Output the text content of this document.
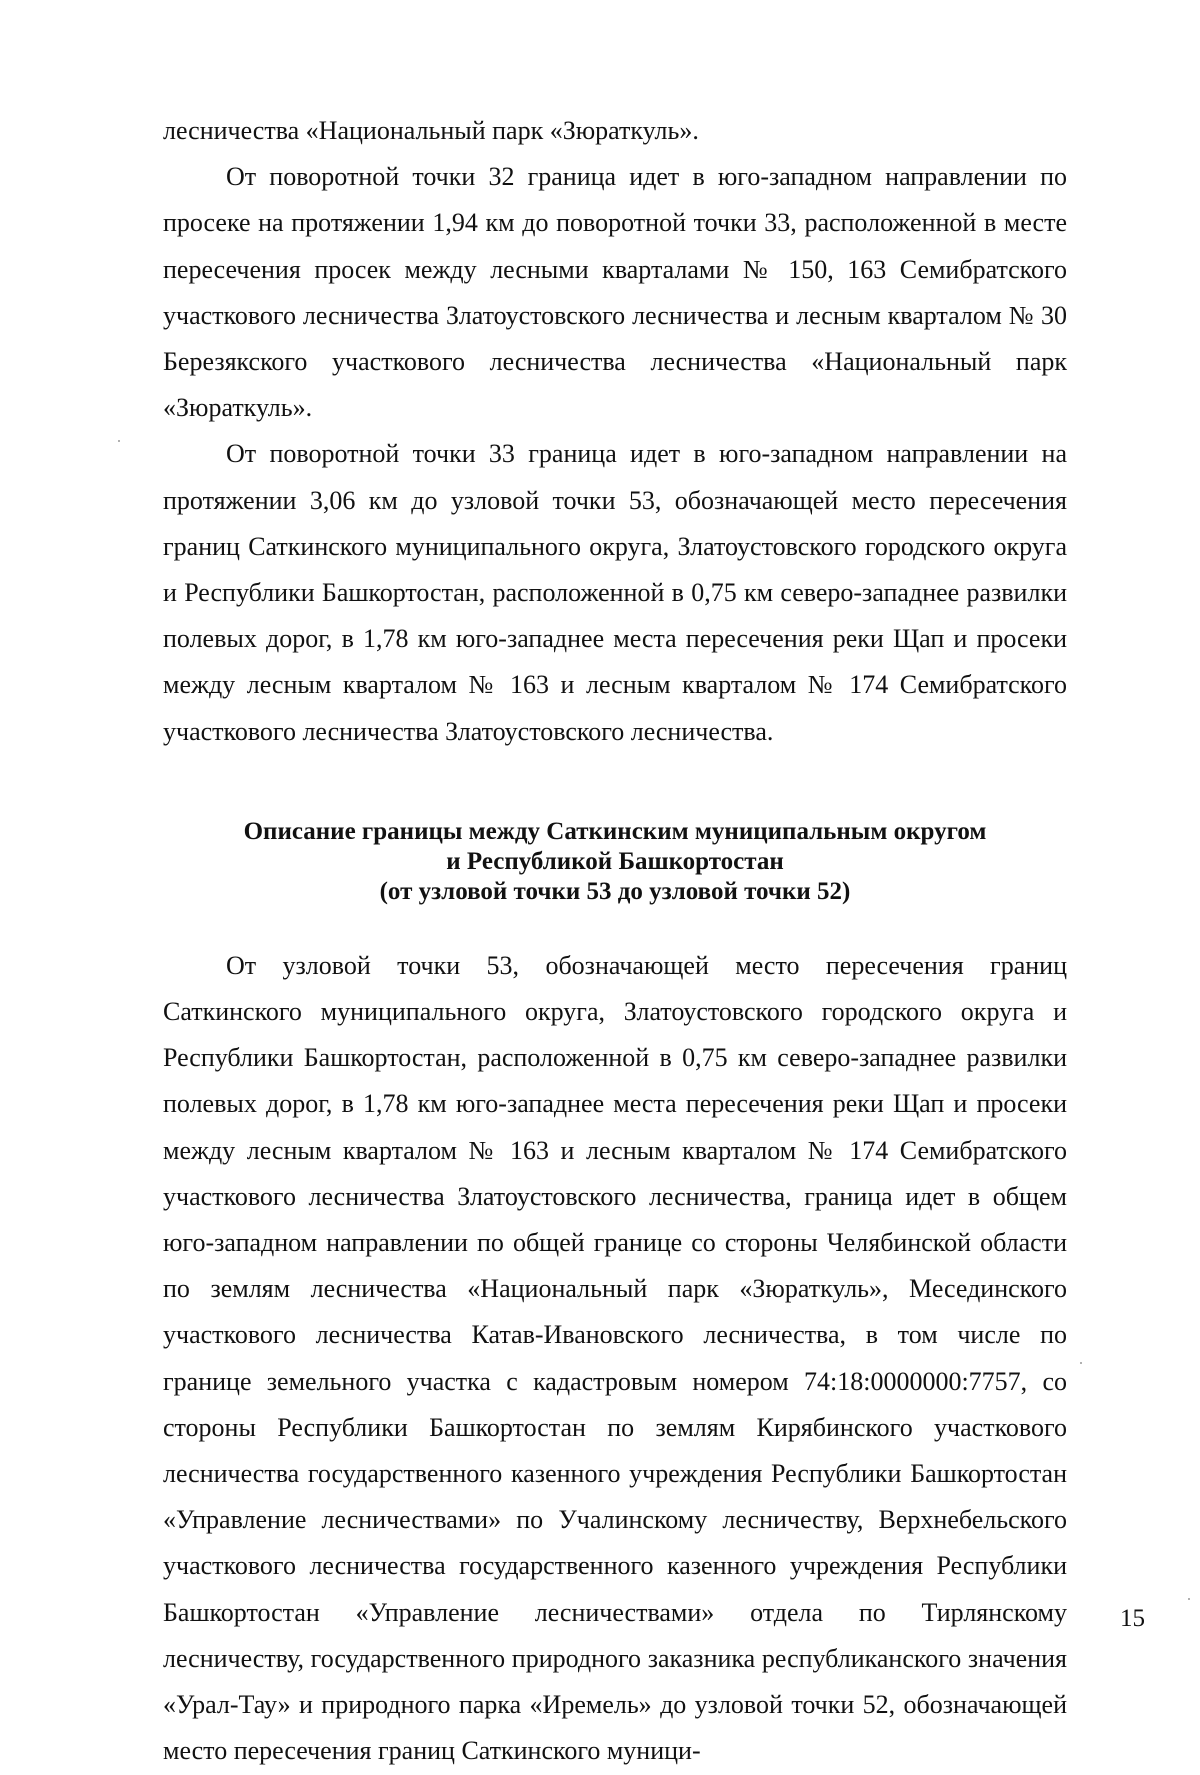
лесничества «Национальный парк «Зюраткуль».

От поворотной точки 32 граница идет в юго-западном направлении по просеке на протяжении 1,94 км до поворотной точки 33, расположенной в месте пересечения просек между лесными кварталами № 150, 163 Семибратского участкового лесничества Златоустовского лесничества и лесным кварталом № 30 Березякского участкового лесничества лесничества «Национальный парк «Зюраткуль».

От поворотной точки 33 граница идет в юго-западном направлении на протяжении 3,06 км до узловой точки 53, обозначающей место пересечения границ Саткинского муниципального округа, Златоустовского городского округа и Республики Башкортостан, расположенной в 0,75 км северо-западнее развилки полевых дорог, в 1,78 км юго-западнее места пересечения реки Щап и просеки между лесным кварталом № 163 и лесным кварталом № 174 Семибратского участкового лесничества Златоустовского лесничества.

Описание границы между Саткинским муниципальным округом
и Республикой Башкортостан
(от узловой точки 53 до узловой точки 52)

От узловой точки 53, обозначающей место пересечения границ Саткинского муниципального округа, Златоустовского городского округа и Республики Башкортостан, расположенной в 0,75 км северо-западнее развилки полевых дорог, в 1,78 км юго-западнее места пересечения реки Щап и просеки между лесным кварталом № 163 и лесным кварталом № 174 Семибратского участкового лесничества Златоустовского лесничества, граница идет в общем юго-западном направлении по общей границе со стороны Челябинской области по землям лесничества «Национальный парк «Зюраткуль», Месединского участкового лесничества Катав-Ивановского лесничества, в том числе по границе земельного участка с кадастровым номером 74:18:0000000:7757, со стороны Республики Башкортостан по землям Кирябинского участкового лесничества государственного казенного учреждения Республики Башкортостан «Управление лесничествами» по Учалинскому лесничеству, Верхнебельского участкового лесничества государственного казенного учреждения Республики Башкортостан «Управление лесничествами» отдела по Тирлянскому лесничеству, государственного природного заказника республиканского значения «Урал-Тау» и природного парка «Иремель» до узловой точки 52, обозначающей место пересечения границ Саткинского муници-

15
